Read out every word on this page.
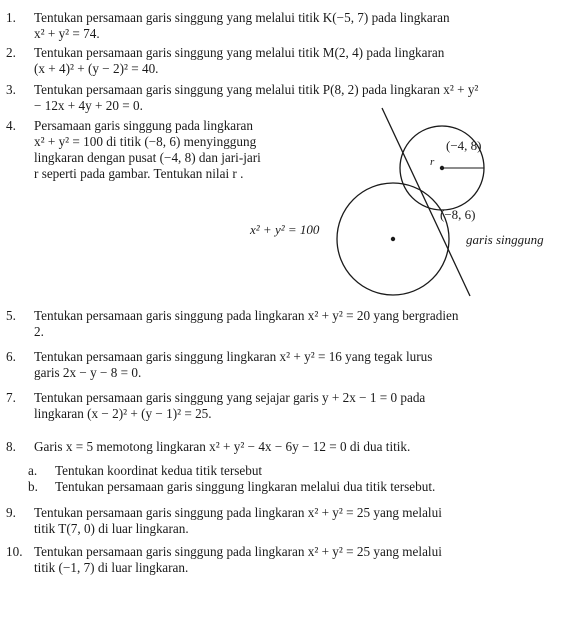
1.	Tentukan persamaan garis singgung yang melalui titik K(−5, 7) pada lingkaran
x² + y² = 74.
2.	Tentukan persamaan garis singgung yang melalui titik M(2, 4) pada lingkaran
(x + 4)² + (y − 2)² = 40.
3.	Tentukan persamaan garis singgung yang melalui titik P(8, 2) pada lingkaran x² + y²
− 12x + 4y + 20 = 0.
4.	Persamaan garis singgung pada lingkaran
x² + y² = 100 di titik (−8, 6) menyinggung
lingkaran dengan pusat (−4, 8) dan jari-jari
r seperti pada gambar. Tentukan nilai r .
(−4, 8)
r
(−8, 6)
x² + y² = 100
garis singgung
5.	Tentukan persamaan garis singgung pada lingkaran x² + y² = 20 yang bergradien
2.
6.	Tentukan persamaan garis singgung lingkaran x² + y² = 16 yang tegak lurus
garis 2x − y − 8 = 0.
7.	Tentukan persamaan garis singgung yang sejajar garis y + 2x − 1 = 0 pada
lingkaran (x − 2)² + (y − 1)² = 25.
8.	Garis x = 5 memotong lingkaran x² + y² − 4x − 6y − 12 = 0 di dua titik.
a.	Tentukan koordinat kedua titik tersebut
b.	Tentukan persamaan garis singgung lingkaran melalui dua titik tersebut.
9.	Tentukan persamaan garis singgung pada lingkaran x² + y² = 25 yang melalui
titik T(7, 0) di luar lingkaran.
10. Tentukan persamaan garis singgung pada lingkaran x² + y² = 25 yang melalui
titik (−1, 7) di luar lingkaran.
